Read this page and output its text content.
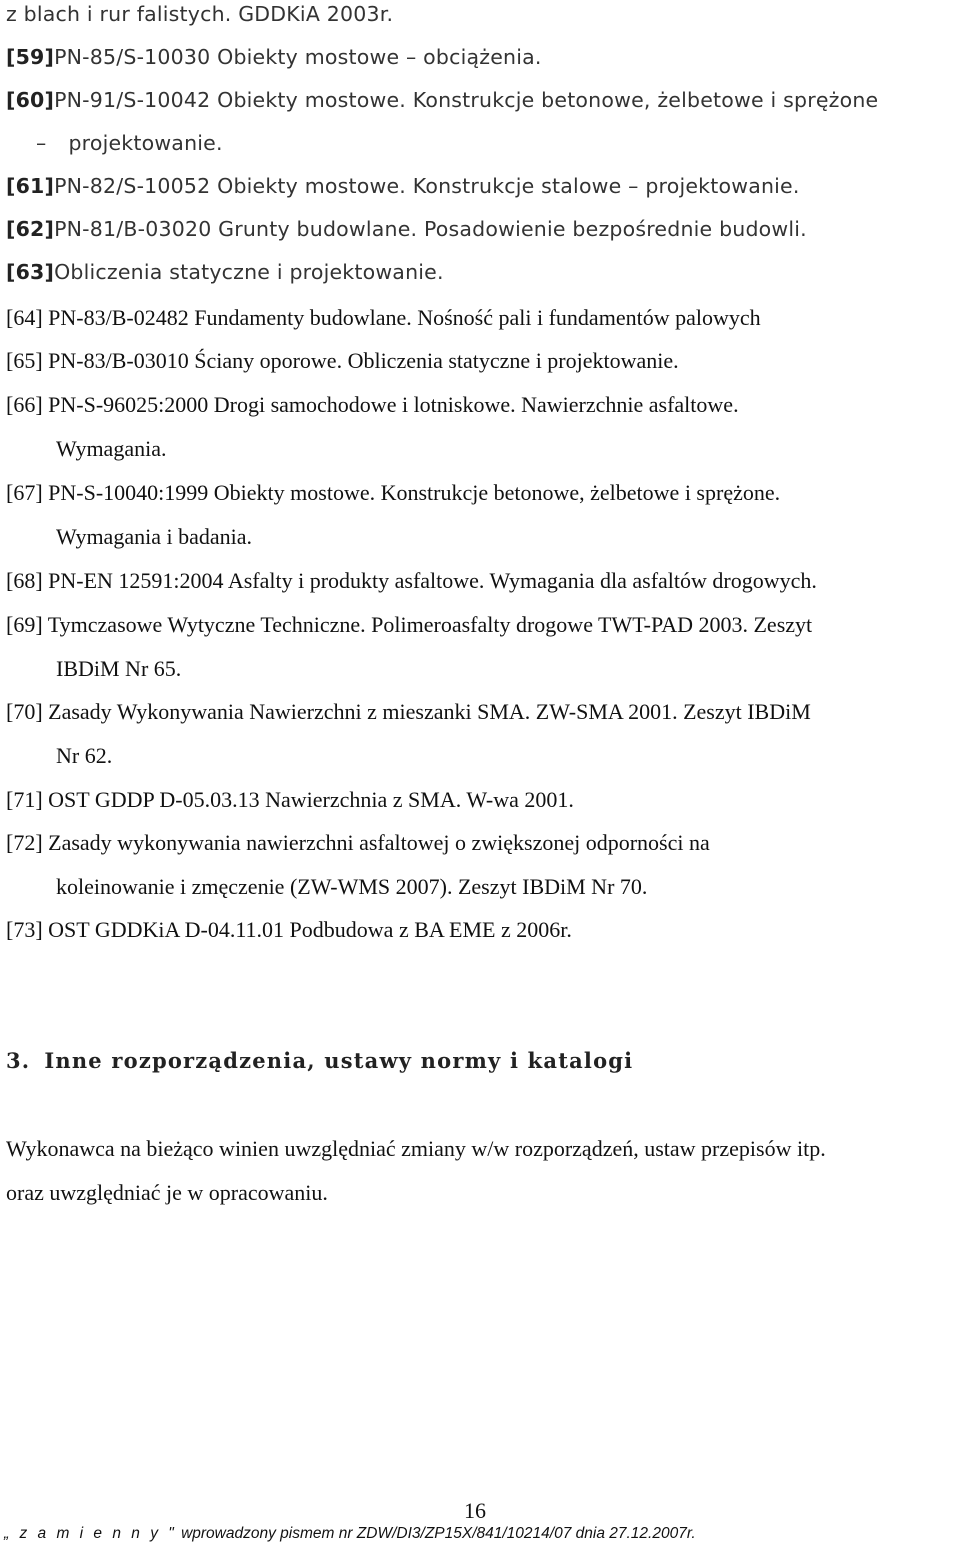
z blach i rur falistych. GDDKiA 2003r.
[59]PN-85/S-10030 Obiekty mostowe – obciążenia.
[60]PN-91/S-10042 Obiekty mostowe. Konstrukcje betonowe, żelbetowe i sprężone
– projektowanie.
[61]PN-82/S-10052 Obiekty mostowe. Konstrukcje stalowe – projektowanie.
[62]PN-81/B-03020 Grunty budowlane. Posadowienie bezpośrednie budowli.
[63]Obliczenia statyczne i projektowanie.
[64] PN-83/B-02482 Fundamenty budowlane. Nośność pali i fundamentów palowych
[65] PN-83/B-03010 Ściany oporowe. Obliczenia statyczne i projektowanie.
[66] PN-S-96025:2000 Drogi samochodowe i lotniskowe. Nawierzchnie asfaltowe.
Wymagania.
[67] PN-S-10040:1999 Obiekty mostowe. Konstrukcje betonowe, żelbetowe i sprężone.
Wymagania i badania.
[68] PN-EN 12591:2004 Asfalty i produkty asfaltowe. Wymagania dla asfaltów drogowych.
[69] Tymczasowe Wytyczne Techniczne. Polimeroasfalty drogowe TWT-PAD 2003. Zeszyt
IBDiM Nr 65.
[70] Zasady Wykonywania Nawierzchni z mieszanki SMA. ZW-SMA 2001. Zeszyt IBDiM
Nr 62.
[71] OST GDDP D-05.03.13 Nawierzchnia z SMA. W-wa 2001.
[72] Zasady wykonywania nawierzchni asfaltowej o zwiększonej odporności na
koleinowanie i zmęczenie (ZW-WMS 2007). Zeszyt IBDiM Nr 70.
[73] OST GDDKiA D-04.11.01 Podbudowa z BA EME z 2006r.
3. Inne rozporządzenia, ustawy normy i katalogi
Wykonawca na bieżąco winien uwzględniać zmiany w/w rozporządzeń, ustaw przepisów itp.
oraz uwzględniać je w opracowaniu.
16
„ z a m i e n n y " wprowadzony pismem nr ZDW/DI3/ZP15X/841/10214/07 dnia 27.12.2007r.
